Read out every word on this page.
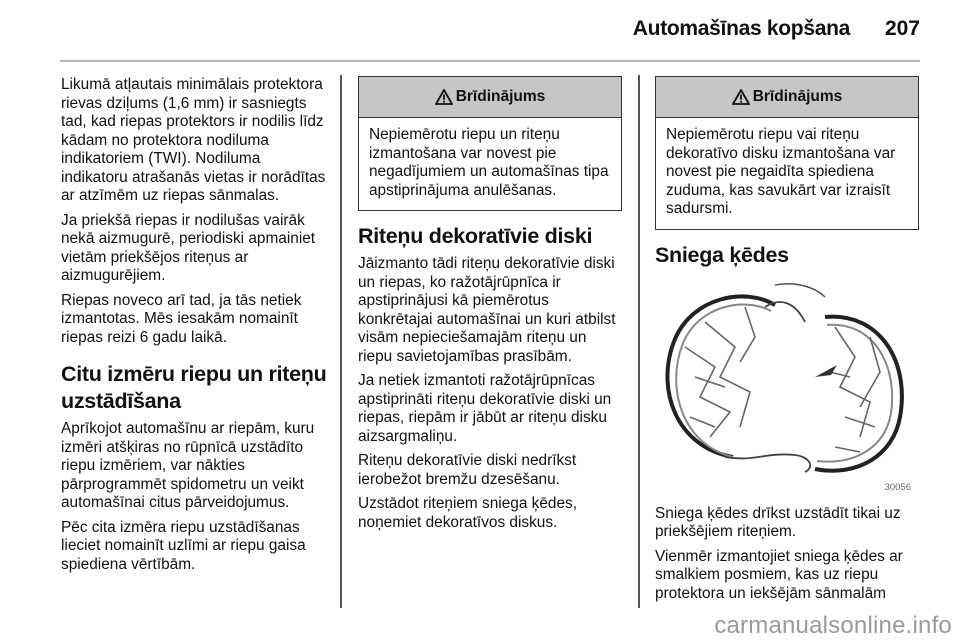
Automašīnas kopšana 207

Likumā atļautais minimālais protektora rievas dziļums (1,6 mm) ir sasniegts tad, kad riepas protektors ir nodilis līdz kādam no protektora nodiluma indikatoriem (TWI). Nodiluma indikatoru atrašanās vietas ir norādītas ar atzīmēm uz riepas sānmalas.

Ja priekšā riepas ir nodilušas vairāk nekā aizmugurē, periodiski apmainiet vietām priekšējos riteņus ar aizmugurējiem.

Riepas noveco arī tad, ja tās netiek izmantotas. Mēs iesakām nomainīt riepas reizi 6 gadu laikā.

Citu izmēru riepu un riteņu uzstādīšana

Aprīkojot automašīnu ar riepām, kuru izmēri atšķiras no rūpnīcā uzstādīto riepu izmēriem, var nākties pārprogrammēt spidometru un veikt automašīnai citus pārveidojumus.

Pēc cita izmēra riepu uzstādīšanas lieciet nomainīt uzlīmi ar riepu gaisa spiediena vērtībām.

Brīdinājums
Nepiemērotu riepu un riteņu izmantošana var novest pie negadījumiem un automašīnas tipa apstiprinājuma anulēšanas.
Riteņu dekoratīvie diski

Jāizmanto tādi riteņu dekoratīvie diski un riepas, ko ražotājrūpnīca ir apstiprinājusi kā piemērotus konkrētajai automašīnai un kuri atbilst visām nepieciešamajām riteņu un riepu savietojamības prasībām.

Ja netiek izmantoti ražotājrūpnīcas apstiprināti riteņu dekoratīvie diski un riepas, riepām ir jābūt ar riteņu disku aizsargmaliņu.

Riteņu dekoratīvie diski nedrīkst ierobežot bremžu dzesēšanu.

Uzstādot riteņiem sniega ķēdes, noņemiet dekoratīvos diskus.

Brīdinājums
Nepiemērotu riepu vai riteņu dekoratīvo disku izmantošana var novest pie negaidīta spiediena zuduma, kas savukārt var izraisīt sadursmi.
Sniega ķēdes
30056

Sniega ķēdes drīkst uzstādīt tikai uz priekšējiem riteņiem.

Vienmēr izmantojiet sniega ķēdes ar smalkiem posmiem, kas uz riepu protektora un iekšējām sānmalām

carmanualsonline.info
